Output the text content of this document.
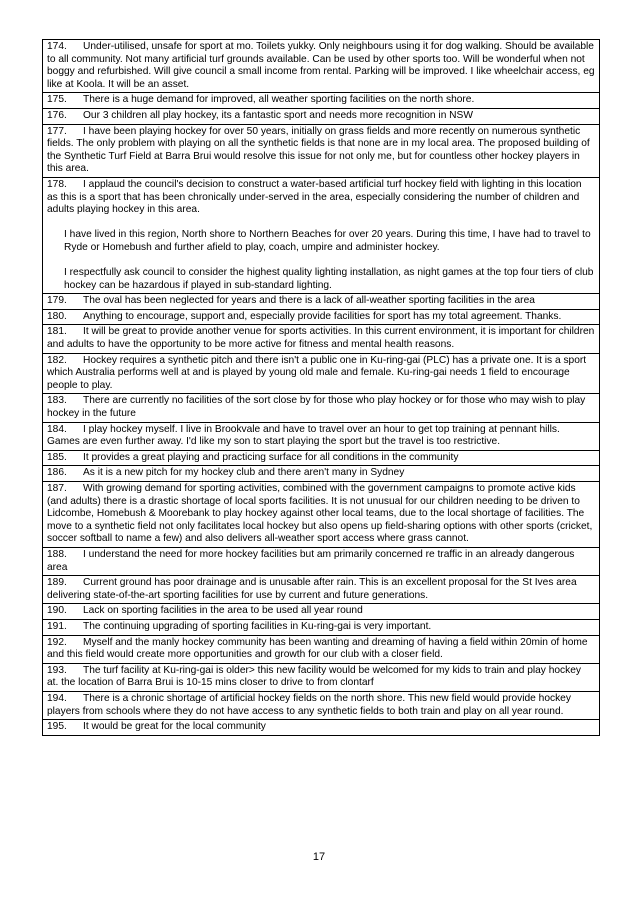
174. Under-utilised, unsafe for sport at mo. Toilets yukky. Only neighbours using it for dog walking. Should be available to all community. Not many artificial turf grounds available. Can be used by other sports too. Will be wonderful when not boggy and refurbished. Will give council a small income from rental. Parking will be improved. I like wheelchair access, eg like at Koola. It will be an asset.
175. There is a huge demand for improved, all weather sporting facilities on the north shore.
176. Our 3 children all play hockey, its a fantastic sport and needs more recognition in NSW
177. I have been playing hockey for over 50 years, initially on grass fields and more recently on numerous synthetic fields. The only problem with playing on all the synthetic fields is that none are in my local area. The proposed building of the Synthetic Turf Field at Barra Brui would resolve this issue for not only me, but for countless other hockey players in this area.
178. I applaud the council's decision to construct a water-based artificial turf hockey field with lighting in this location as this is a sport that has been chronically under-served in the area, especially considering the number of children and adults playing hockey in this area.
I have lived in this region, North shore to Northern Beaches for over 20 years. During this time, I have had to travel to Ryde or Homebush and further afield to play, coach, umpire and administer hockey.
I respectfully ask council to consider the highest quality lighting installation, as night games at the top four tiers of club hockey can be hazardous if played in sub-standard lighting.
179. The oval has been neglected for years and there is a lack of all-weather sporting facilities in the area
180. Anything to encourage, support and, especially provide facilities for sport has my total agreement. Thanks.
181. It will be great to provide another venue for sports activities. In this current environment, it is important for children and adults to have the opportunity to be more active for fitness and mental health reasons.
182. Hockey requires a synthetic pitch and there isn't a public one in Ku-ring-gai (PLC) has a private one. It is a sport which Australia performs well at and is played by young old male and female. Ku-ring-gai needs 1 field to encourage people to play.
183. There are currently no facilities of the sort close by for those who play hockey or for those who may wish to play hockey in the future
184. I play hockey myself. I live in Brookvale and have to travel over an hour to get top training at pennant hills. Games are even further away. I'd like my son to start playing the sport but the travel is too restrictive.
185. It provides a great playing and practicing surface for all conditions in the community
186. As it is a new pitch for my hockey club and there aren't many in Sydney
187. With growing demand for sporting activities, combined with the government campaigns to promote active kids (and adults) there is a drastic shortage of local sports facilities. It is not unusual for our children needing to be driven to Lidcombe, Homebush & Moorebank to play hockey against other local teams, due to the local shortage of facilities. The move to a synthetic field not only facilitates local hockey but also opens up field-sharing options with other sports (cricket, soccer softball to name a few) and also delivers all-weather sport access where grass cannot.
188. I understand the need for more hockey facilities but am primarily concerned re traffic in an already dangerous area
189. Current ground has poor drainage and is unusable after rain. This is an excellent proposal for the St Ives area delivering state-of-the-art sporting facilities for use by current and future generations.
190. Lack on sporting facilities in the area to be used all year round
191. The continuing upgrading of sporting facilities in Ku-ring-gai is very important.
192. Myself and the manly hockey community has been wanting and dreaming of having a field within 20min of home and this field would create more opportunities and growth for our club with a closer field.
193. The turf facility at Ku-ring-gai is older> this new facility would be welcomed for my kids to train and play hockey at. the location of Barra Brui is 10-15 mins closer to drive to from clontarf
194. There is a chronic shortage of artificial hockey fields on the north shore. This new field would provide hockey players from schools where they do not have access to any synthetic fields to both train and play on all year round.
195. It would be great for the local community
17
